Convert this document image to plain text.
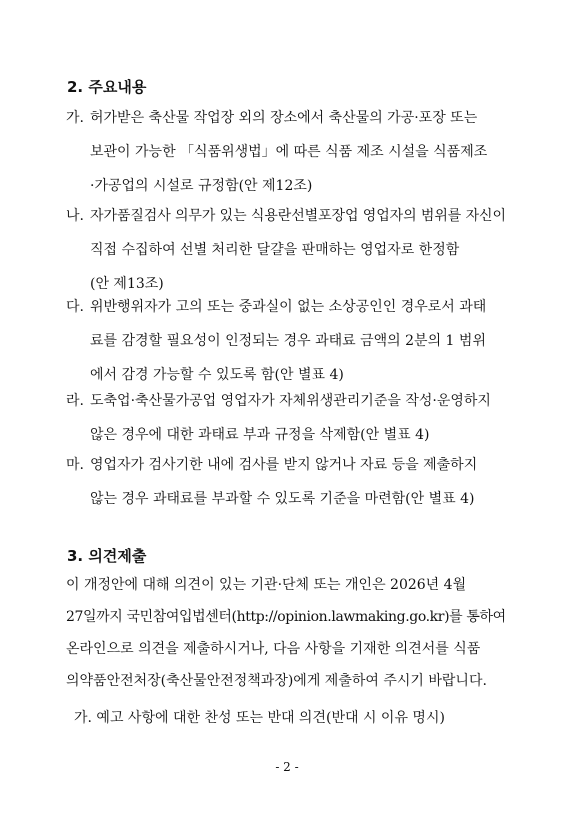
2. 주요내용
가. 허가받은 축산물 작업장 외의 장소에서 축산물의 가공·포장 또는
보관이 가능한 「식품위생법」에 따른 식품 제조 시설을 식품제조
·가공업의 시설로 규정함(안 제12조)
나. 자가품질검사 의무가 있는 식용란선별포장업 영업자의 범위를 자신이
직접 수집하여 선별 처리한 달걀을 판매하는 영업자로 한정함
(안 제13조)
다. 위반행위자가 고의 또는 중과실이 없는 소상공인인 경우로서 과태
료를 감경할 필요성이 인정되는 경우 과태료 금액의 2분의 1 범위
에서 감경 가능할 수 있도록 함(안 별표 4)
라. 도축업·축산물가공업 영업자가 자체위생관리기준을 작성·운영하지
않은 경우에 대한 과태료 부과 규정을 삭제함(안 별표 4)
마. 영업자가 검사기한 내에 검사를 받지 않거나 자료 등을 제출하지
않는 경우 과태료를 부과할 수 있도록 기준을 마련함(안 별표 4)
3. 의견제출
이 개정안에 대해 의견이 있는 기관·단체 또는 개인은 2026년 4월
27일까지 국민참여입법센터(http://opinion.lawmaking.go.kr)를 통하여
온라인으로 의견을 제출하시거나, 다음 사항을 기재한 의견서를 식품
의약품안전처장(축산물안전정책과장)에게 제출하여 주시기 바랍니다.
가. 예고 사항에 대한 찬성 또는 반대 의견(반대 시 이유 명시)
- 2 -
